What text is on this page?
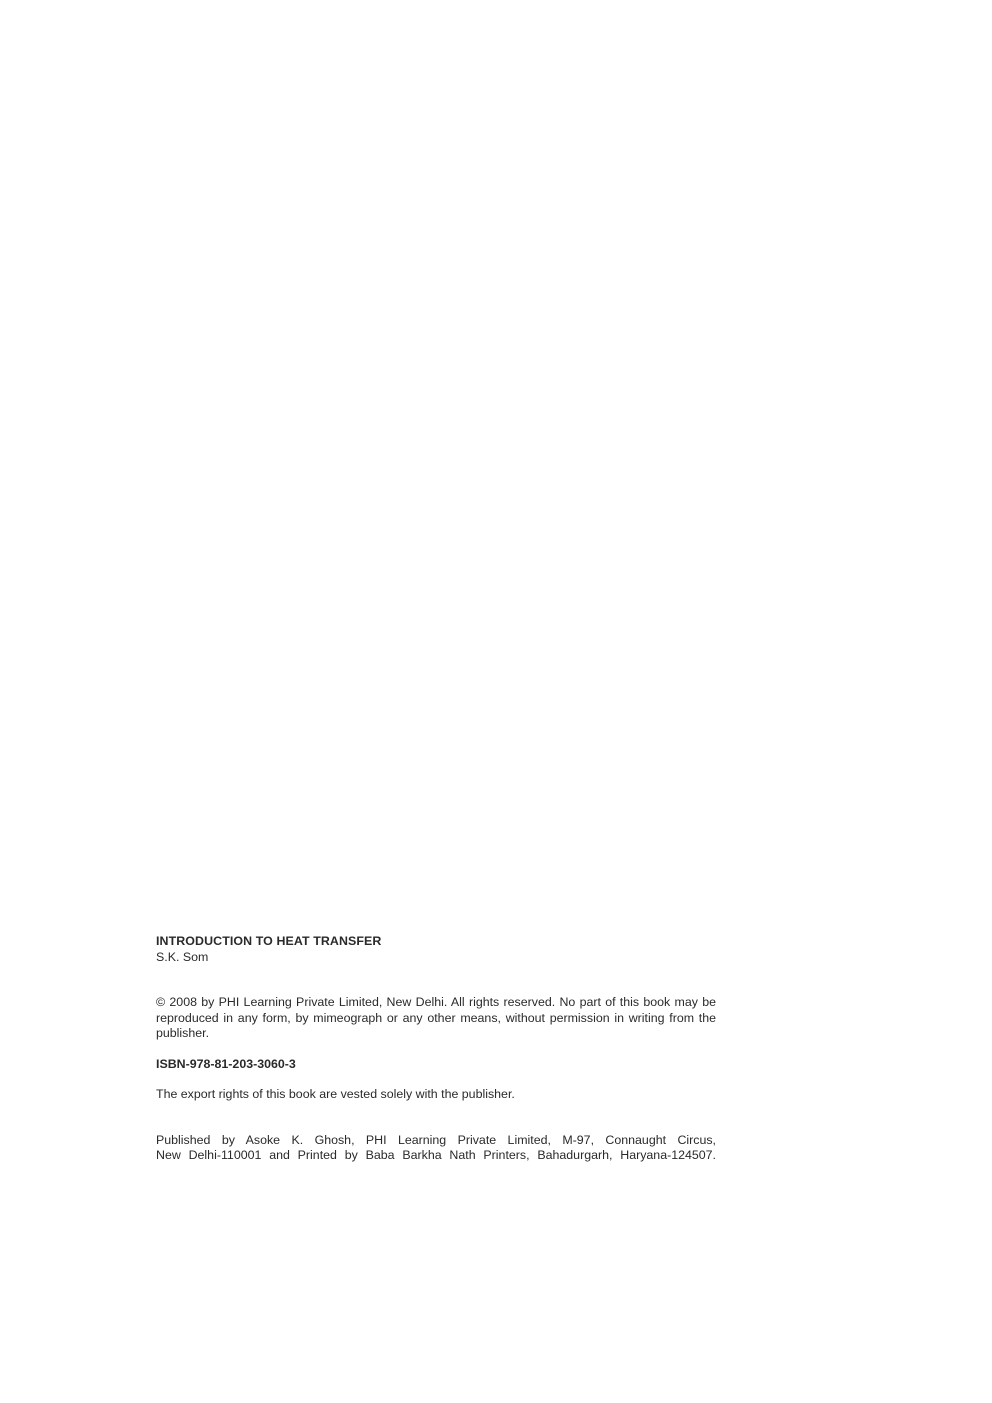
INTRODUCTION TO HEAT TRANSFER

S.K. Som

© 2008 by PHI Learning Private Limited, New Delhi. All rights reserved. No part of this book may be reproduced in any form, by mimeograph or any other means, without permission in writing from the publisher.

ISBN-978-81-203-3060-3

The export rights of this book are vested solely with the publisher.

Published by Asoke K. Ghosh, PHI Learning Private Limited, M-97, Connaught Circus,

New Delhi-110001 and Printed by Baba Barkha Nath Printers, Bahadurgarh, Haryana-124507.
